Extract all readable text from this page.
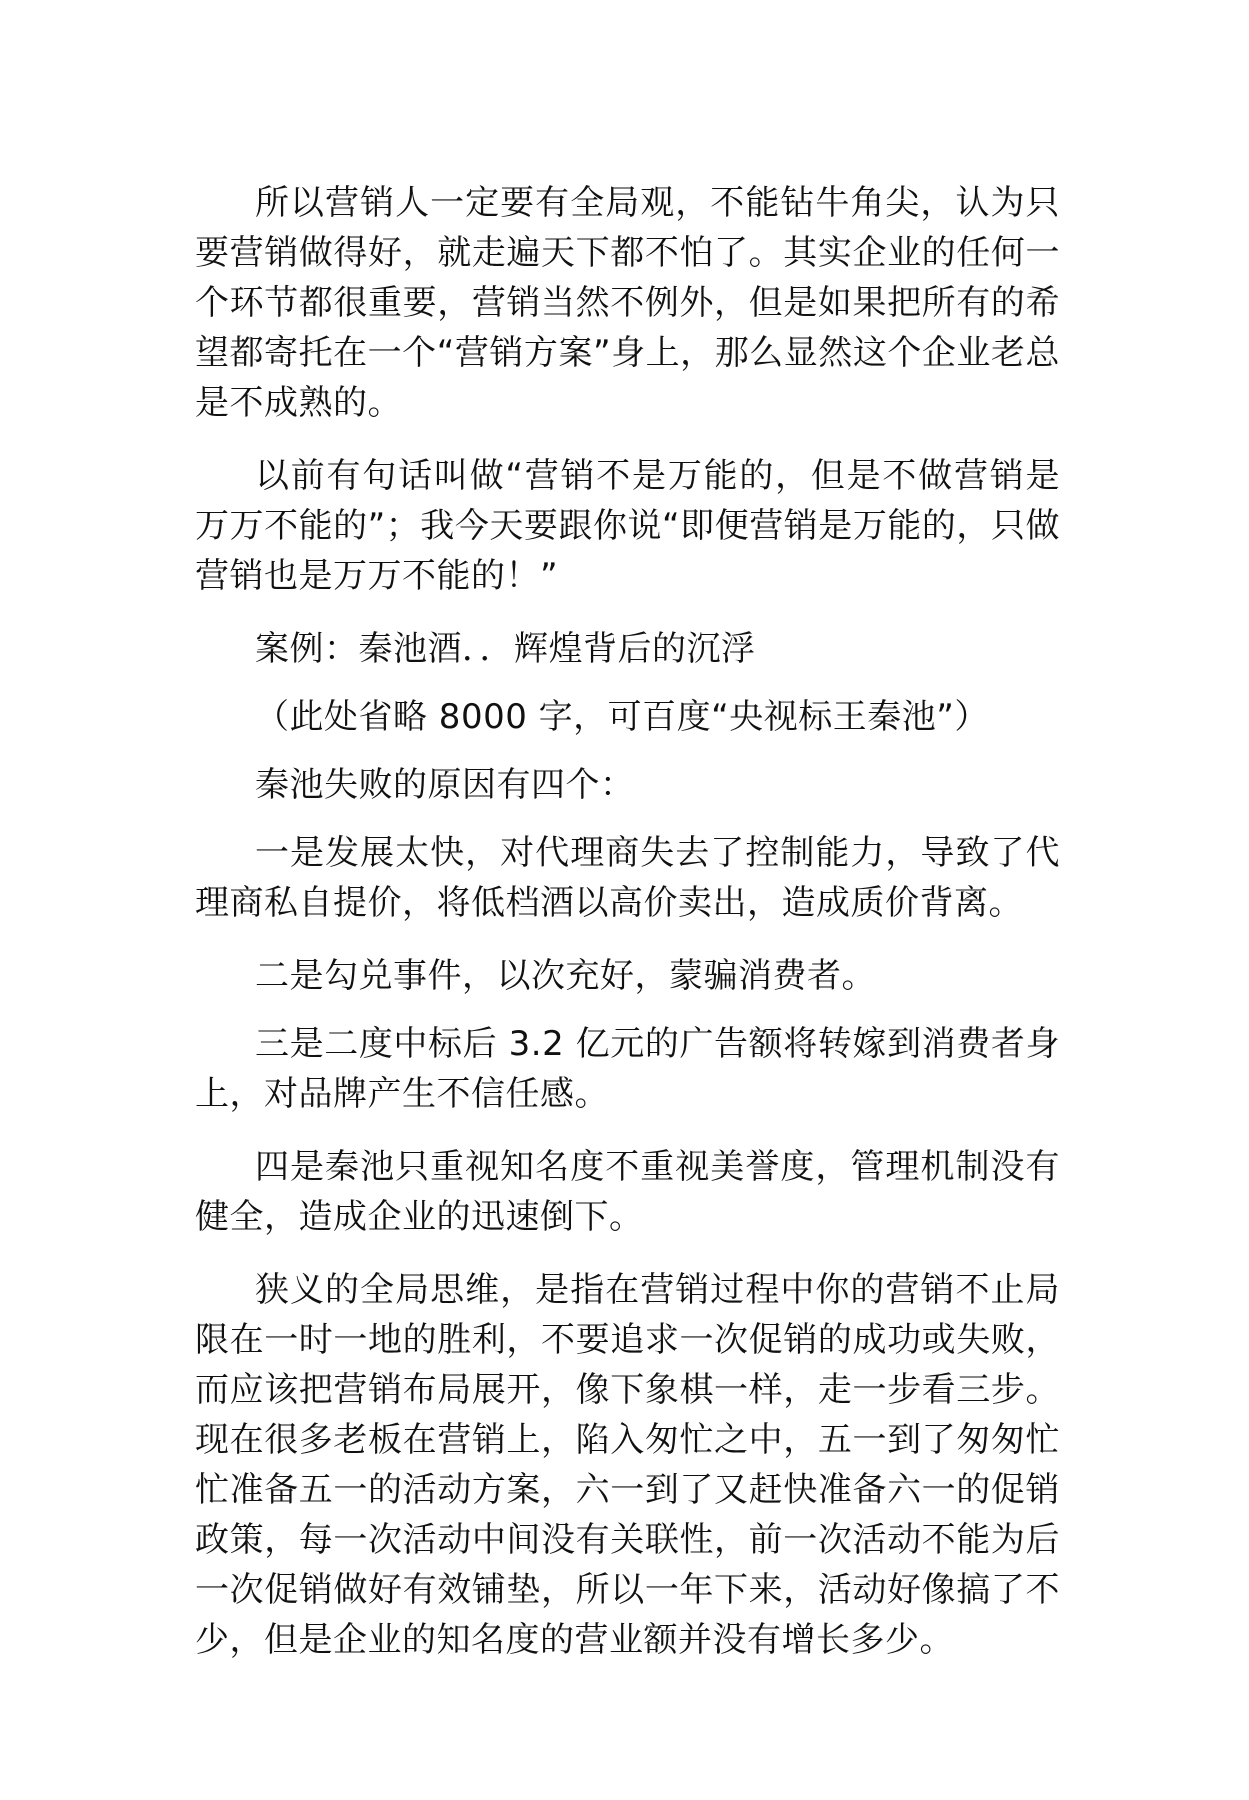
所以营销人一定要有全局观，不能钻牛角尖，认为只要营销做得好，就走遍天下都不怕了。其实企业的任何一个环节都很重要，营销当然不例外，但是如果把所有的希望都寄托在一个“营销方案”身上，那么显然这个企业老总是不成熟的。

以前有句话叫做“营销不是万能的，但是不做营销是万万不能的”；我今天要跟你说“即便营销是万能的，只做营销也是万万不能的！”

案例：秦池酒．．辉煌背后的沉浮

（此处省略 8000 字，可百度“央视标王秦池”）

秦池失败的原因有四个：

一是发展太快，对代理商失去了控制能力，导致了代理商私自提价，将低档酒以高价卖出，造成质价背离。

二是勾兑事件，以次充好，蒙骗消费者。

三是二度中标后 3.2 亿元的广告额将转嫁到消费者身上，对品牌产生不信任感。

四是秦池只重视知名度不重视美誉度，管理机制没有健全，造成企业的迅速倒下。

狭义的全局思维，是指在营销过程中你的营销不止局限在一时一地的胜利，不要追求一次促销的成功或失败，而应该把营销布局展开，像下象棋一样，走一步看三步。现在很多老板在营销上，陷入匆忙之中，五一到了匆匆忙忙准备五一的活动方案，六一到了又赶快准备六一的促销政策，每一次活动中间没有关联性，前一次活动不能为后一次促销做好有效铺垫，所以一年下来，活动好像搞了不少，但是企业的知名度的营业额并没有增长多少。
